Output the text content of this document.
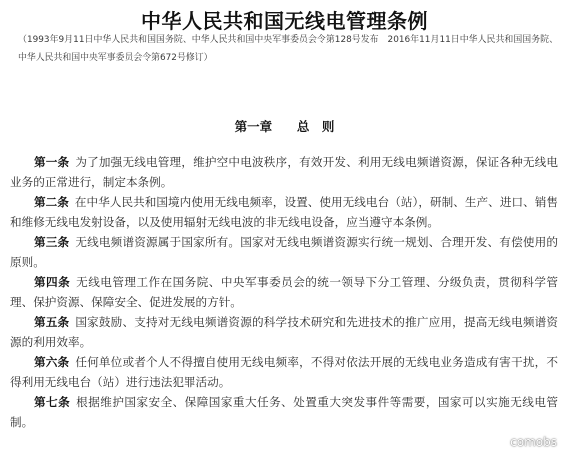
中华人民共和国无线电管理条例
（1993年9月11日中华人民共和国国务院、中华人民共和国中央军事委员会令第128号发布　2016年11月11日中华人民共和国国务院、中华人民共和国中央军事委员会令第672号修订）
第一章 总　则

第一条 为了加强无线电管理，维护空中电波秩序，有效开发、利用无线电频谱资源，保证各种无线电业务的正常进行，制定本条例。

第二条 在中华人民共和国境内使用无线电频率，设置、使用无线电台（站），研制、生产、进口、销售和维修无线电发射设备，以及使用辐射无线电波的非无线电设备，应当遵守本条例。

第三条 无线电频谱资源属于国家所有。国家对无线电频谱资源实行统一规划、合理开发、有偿使用的原则。

第四条 无线电管理工作在国务院、中央军事委员会的统一领导下分工管理、分级负责，贯彻科学管理、保护资源、保障安全、促进发展的方针。

第五条 国家鼓励、支持对无线电频谱资源的科学技术研究和先进技术的推广应用，提高无线电频谱资源的利用效率。

第六条 任何单位或者个人不得擅自使用无线电频率，不得对依法开展的无线电业务造成有害干扰，不得利用无线电台（站）进行违法犯罪活动。

第七条 根据维护国家安全、保障国家重大任务、处置重大突发事件等需要，国家可以实施无线电管制。

comobs
